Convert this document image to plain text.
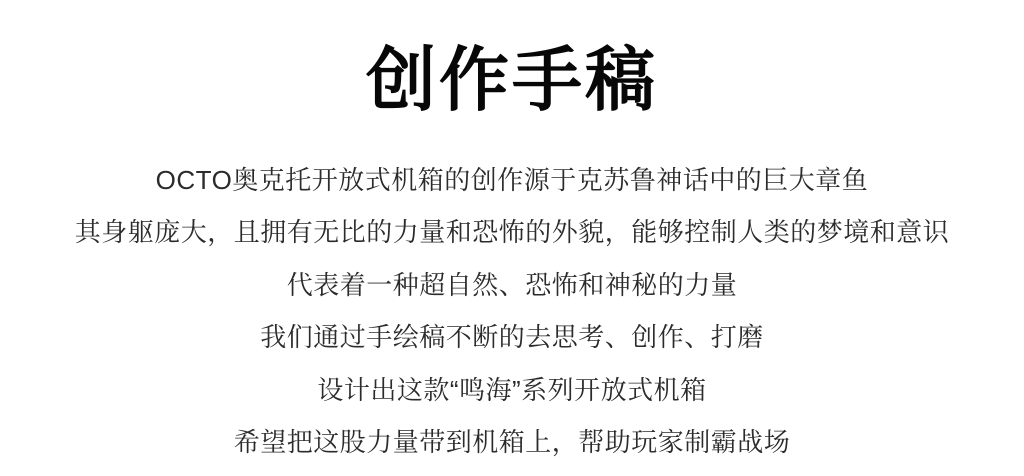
创作手稿

OCTO奥克托开放式机箱的创作源于克苏鲁神话中的巨大章鱼

其身躯庞大，且拥有无比的力量和恐怖的外貌，能够控制人类的梦境和意识

代表着一种超自然、恐怖和神秘的力量

我们通过手绘稿不断的去思考、创作、打磨

设计出这款“鸣海”系列开放式机箱

希望把这股力量带到机箱上，帮助玩家制霸战场
